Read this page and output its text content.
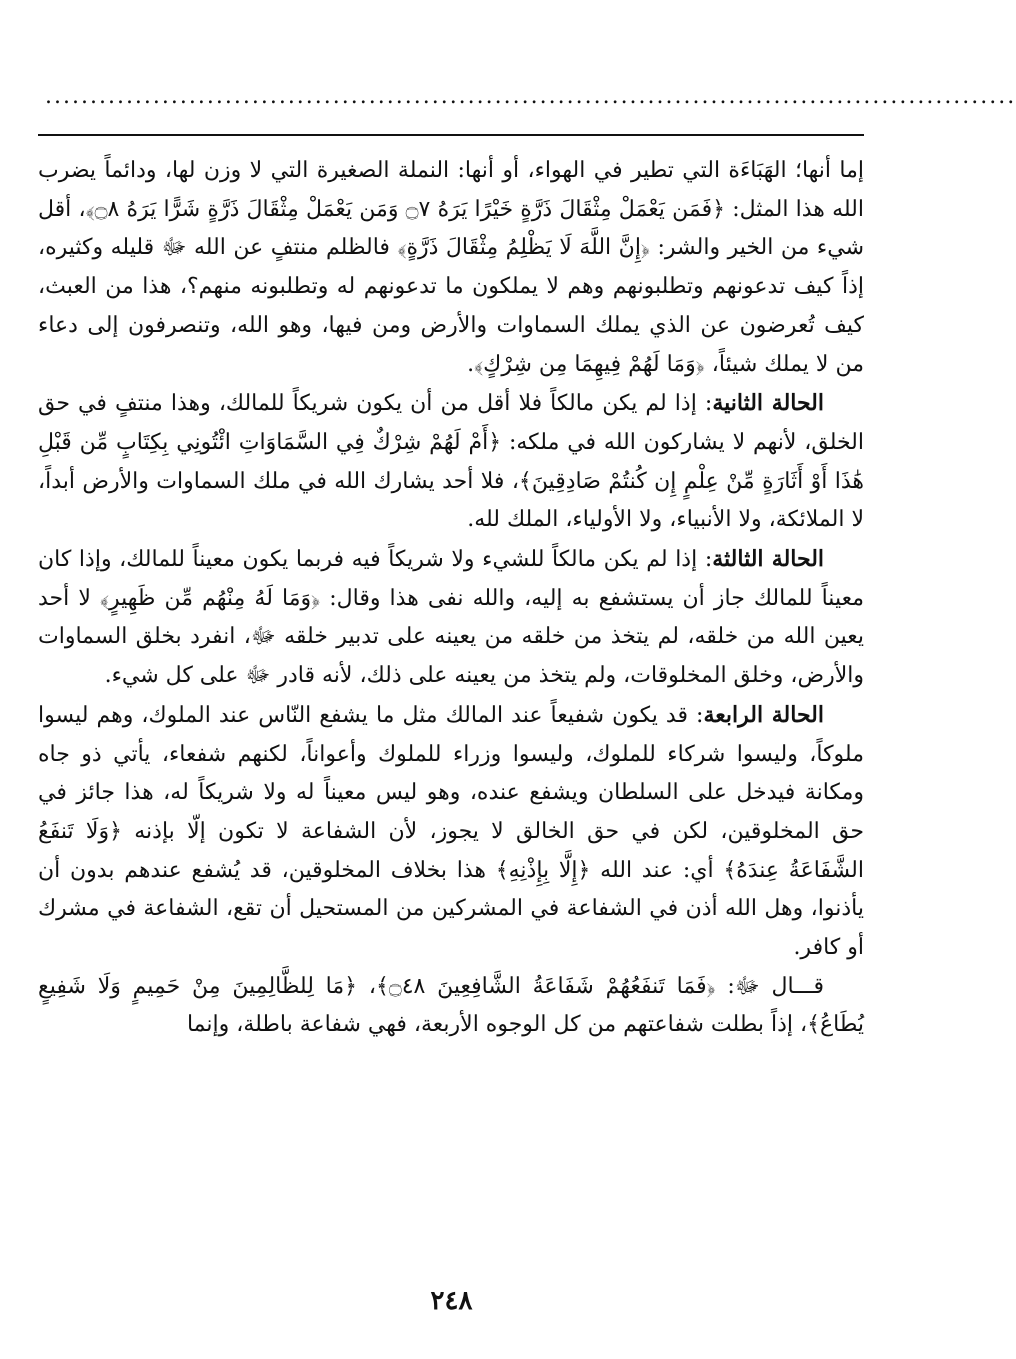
............................................................................................................

إما أنها؛ الهَبَاءَة التي تطير في الهواء، أو أنها: النملة الصغيرة التي لا وزن لها، ودائماً يضرب الله هذا المثل: ﴿فَمَن يَعْمَلْ مِثْقَالَ ذَرَّةٍ خَيْرًا يَرَهُ ۝٧ وَمَن يَعْمَلْ مِثْقَالَ ذَرَّةٍ شَرًّا يَرَهُ ۝٨﴾، أقل شيء من الخير والشر: ﴿إِنَّ اللَّهَ لَا يَظْلِمُ مِثْقَالَ ذَرَّةٍ﴾ فالظلم منتفٍ عن الله ﷻ قليله وكثيره، إذاً كيف تدعونهم وتطلبونهم وهم لا يملكون ما تدعونهم له وتطلبونه منهم؟، هذا من العبث، كيف تُعرضون عن الذي يملك السماوات والأرض ومن فيها، وهو الله، وتنصرفون إلى دعاء من لا يملك شيئاً، ﴿وَمَا لَهُمْ فِيهِمَا مِن شِرْكٍ﴾.

الحالة الثانية: إذا لم يكن مالكاً فلا أقل من أن يكون شريكاً للمالك، وهذا منتفٍ في حق الخلق، لأنهم لا يشاركون الله في ملكه: ﴿أَمْ لَهُمْ شِرْكٌ فِي السَّمَاوَاتِ ائْتُونِي بِكِتَابٍ مِّن قَبْلِ هَٰذَا أَوْ أَثَارَةٍ مِّنْ عِلْمٍ إِن كُنتُمْ صَادِقِينَ﴾، فلا أحد يشارك الله في ملك السماوات والأرض أبداً، لا الملائكة، ولا الأنبياء، ولا الأولياء، الملك لله.

الحالة الثالثة: إذا لم يكن مالكاً للشيء ولا شريكاً فيه فربما يكون معيناً للمالك، وإذا كان معيناً للمالك جاز أن يستشفع به إليه، والله نفى هذا وقال: ﴿وَمَا لَهُ مِنْهُم مِّن ظَهِيرٍ﴾ لا أحد يعين الله من خلقه، لم يتخذ من خلقه من يعينه على تدبير خلقه ﷻ، انفرد بخلق السماوات والأرض، وخلق المخلوقات، ولم يتخذ من يعينه على ذلك، لأنه قادر ﷻ على كل شيء.

الحالة الرابعة: قد يكون شفيعاً عند المالك مثل ما يشفع النّاس عند الملوك، وهم ليسوا ملوكاً، وليسوا شركاء للملوك، وليسوا وزراء للملوك وأعواناً، لكنهم شفعاء، يأتي ذو جاه ومكانة فيدخل على السلطان ويشفع عنده، وهو ليس معيناً له ولا شريكاً له، هذا جائز في حق المخلوقين، لكن في حق الخالق لا يجوز، لأن الشفاعة لا تكون إلّا بإذنه ﴿وَلَا تَنفَعُ الشَّفَاعَةُ عِندَهُ﴾ أي: عند الله ﴿إِلَّا بِإِذْنِهِ﴾ هذا بخلاف المخلوقين، قد يُشفع عندهم بدون أن يأذنوا، وهل الله أذن في الشفاعة في المشركين من المستحيل أن تقع، الشفاعة في مشرك أو كافر.

قـــال ﷻ: ﴿فَمَا تَنفَعُهُمْ شَفَاعَةُ الشَّافِعِينَ ۝٤٨﴾، ﴿مَا لِلظَّالِمِينَ مِنْ حَمِيمٍ وَلَا شَفِيعٍ يُطَاعُ﴾، إذاً بطلت شفاعتهم من كل الوجوه الأربعة، فهي شفاعة باطلة، وإنما

٢٤٨
